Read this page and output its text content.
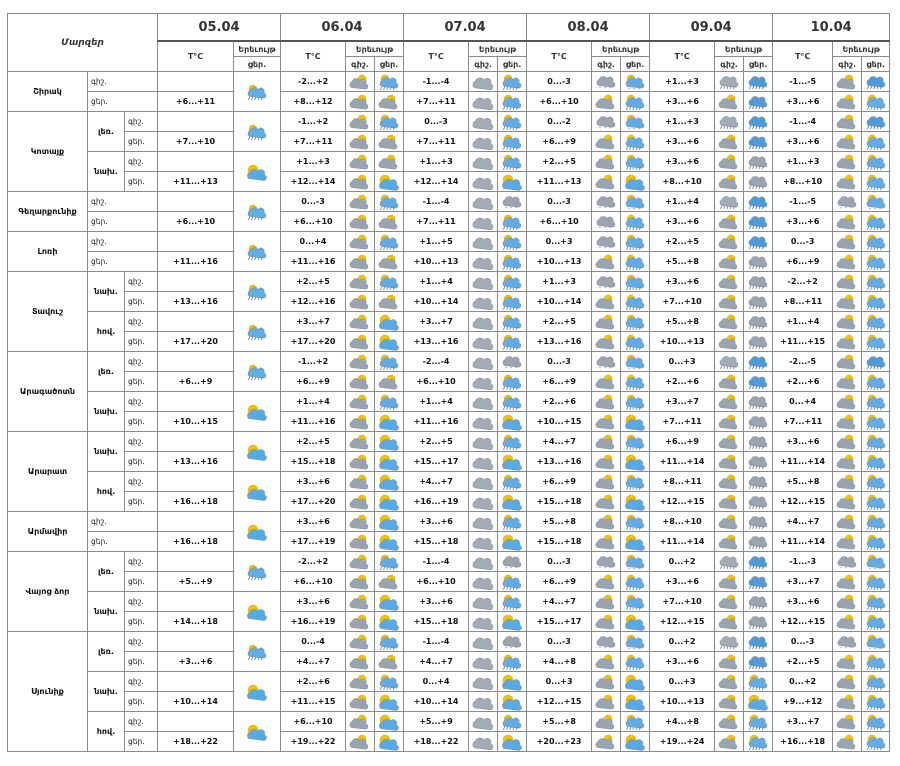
Մարզեր			05.04		06.04			07.04			08.04			09.04			10.04		
			T°C	Երեւույթ	T°C	Երեւույթ		T°C	Երեւույթ		T°C	Երեւույթ		T°C	Երեւույթ		T°C	Երեւույթ	
				ցեր.		գիշ.	ցեր.		գիշ.	ցեր.		գիշ.	ցեր.		գիշ.	ցեր.		գիշ.	ցեր.
Շիրակ	գիշ.				-2...+2			-1...-4			0...-3	* * *	* * *	+1...+3			-1...-5	

	ցեր.		+6...+11		+8...+12			+7...+11			+6...+10			+3...+6			+3...+6	

Կոտայք	լեռ.	գիշ.			-1...+2			0...-3			0...-2	* * *	* * *	+1...+3			-1...-4	

		ցեր.	+7...+10		+7...+11			+7...+11			+6...+9			+3...+6			+3...+6	

	նախ.	գիշ.			+1...+3			+1...+3			+2...+5			+3...+6			+1...+3	

		ցեր.	+11...+13		+12...+14			+12...+14			+11...+13			+8...+10			+8...+10	

Գեղարքունիք	գիշ.				0...-3			-1...-4		* * *	0...-3	* * *	* * *	+1...+4			-1...-5	* * *	* * *

	ցեր.		+6...+10		+6...+10			+7...+11			+6...+10	* * *		+3...+6			+3...+6	

Լոռի	գիշ.				0...+4			+1...+5			0...+3	* * *		+2...+5			0...-3	

	ցեր.		+11...+16		+11...+16			+10...+13			+10...+13			+5...+8			+6...+9	

Տավուշ	նախ.	գիշ.			+2...+5			+1...+4			+1...+3	* * *		+3...+6			-2...+2	

		ցեր.	+13...+16		+12...+16			+10...+14			+10...+14			+7...+10			+8...+11	

	հով.	գիշ.			+3...+7			+3...+7			+2...+5			+5...+8			+1...+4	

		ցեր.	+17...+20		+17...+20			+13...+16			+13...+16			+10...+13			+11...+15	

Արագածոտն	լեռ.	գիշ.			-1...+2			-2...-4		* * *	0...-3	* * *	* * *	0...+3			-2...-5	

		ցեր.	+6...+9		+6...+9			+6...+10			+6...+9			+2...+6			+2...+6	

	նախ.	գիշ.			+1...+4			+1...+4			+2...+6			+3...+7			0...+4	

		ցեր.	+10...+15		+11...+16			+11...+16			+10...+15			+7...+11			+7...+11	

Արարատ	նախ.	գիշ.			+2...+5			+2...+5			+4...+7			+6...+9			+3...+6	

		ցեր.	+13...+16		+15...+18			+15...+17			+13...+16			+11...+14			+11...+14	

	հով.	գիշ.			+3...+6			+4...+7			+6...+9			+8...+11			+5...+8	

		ցեր.	+16...+18		+17...+20			+16...+19			+15...+18			+12...+15			+12...+15	

Արմավիր	գիշ.				+3...+6			+3...+6			+5...+8			+8...+10			+4...+7	

	ցեր.		+16...+18		+17...+19			+15...+18			+15...+18			+11...+14			+11...+14	

Վայոց ձոր	լեռ.	գիշ.			-2...+2			-1...-4		* * *	0...-3	* * *	* * *	0...+2			-1...-3	* * *	* * *

		ցեր.	+5...+9		+6...+10			+6...+10			+6...+9			+3...+6			+3...+7	

	նախ.	գիշ.			+3...+6			+3...+6			+4...+7			+7...+10			+3...+6	

		ցեր.	+14...+18		+16...+19			+15...+18			+15...+17			+12...+15			+12...+15	

Սյունիք	լեռ.	գիշ.			0...-4			-1...-4		* * *	0...-3	* * *	* * *	0...+2			0...-3	* * *	* * *

		ցեր.	+3...+6		+4...+7			+4...+7			+4...+8			+3...+6			+2...+5	

	նախ.	գիշ.			+2...+6			0...+4			0...+3			0...+3			0...+2	

		ցեր.	+10...+14		+11...+15			+10...+14			+12...+15			+10...+13			+9...+12	

	հով.	գիշ.			+6...+10			+5...+9			+5...+8			+4...+8			+3...+7	

		ցեր.	+18...+22		+19...+22			+18...+22			+20...+23			+19...+24			+16...+18	
